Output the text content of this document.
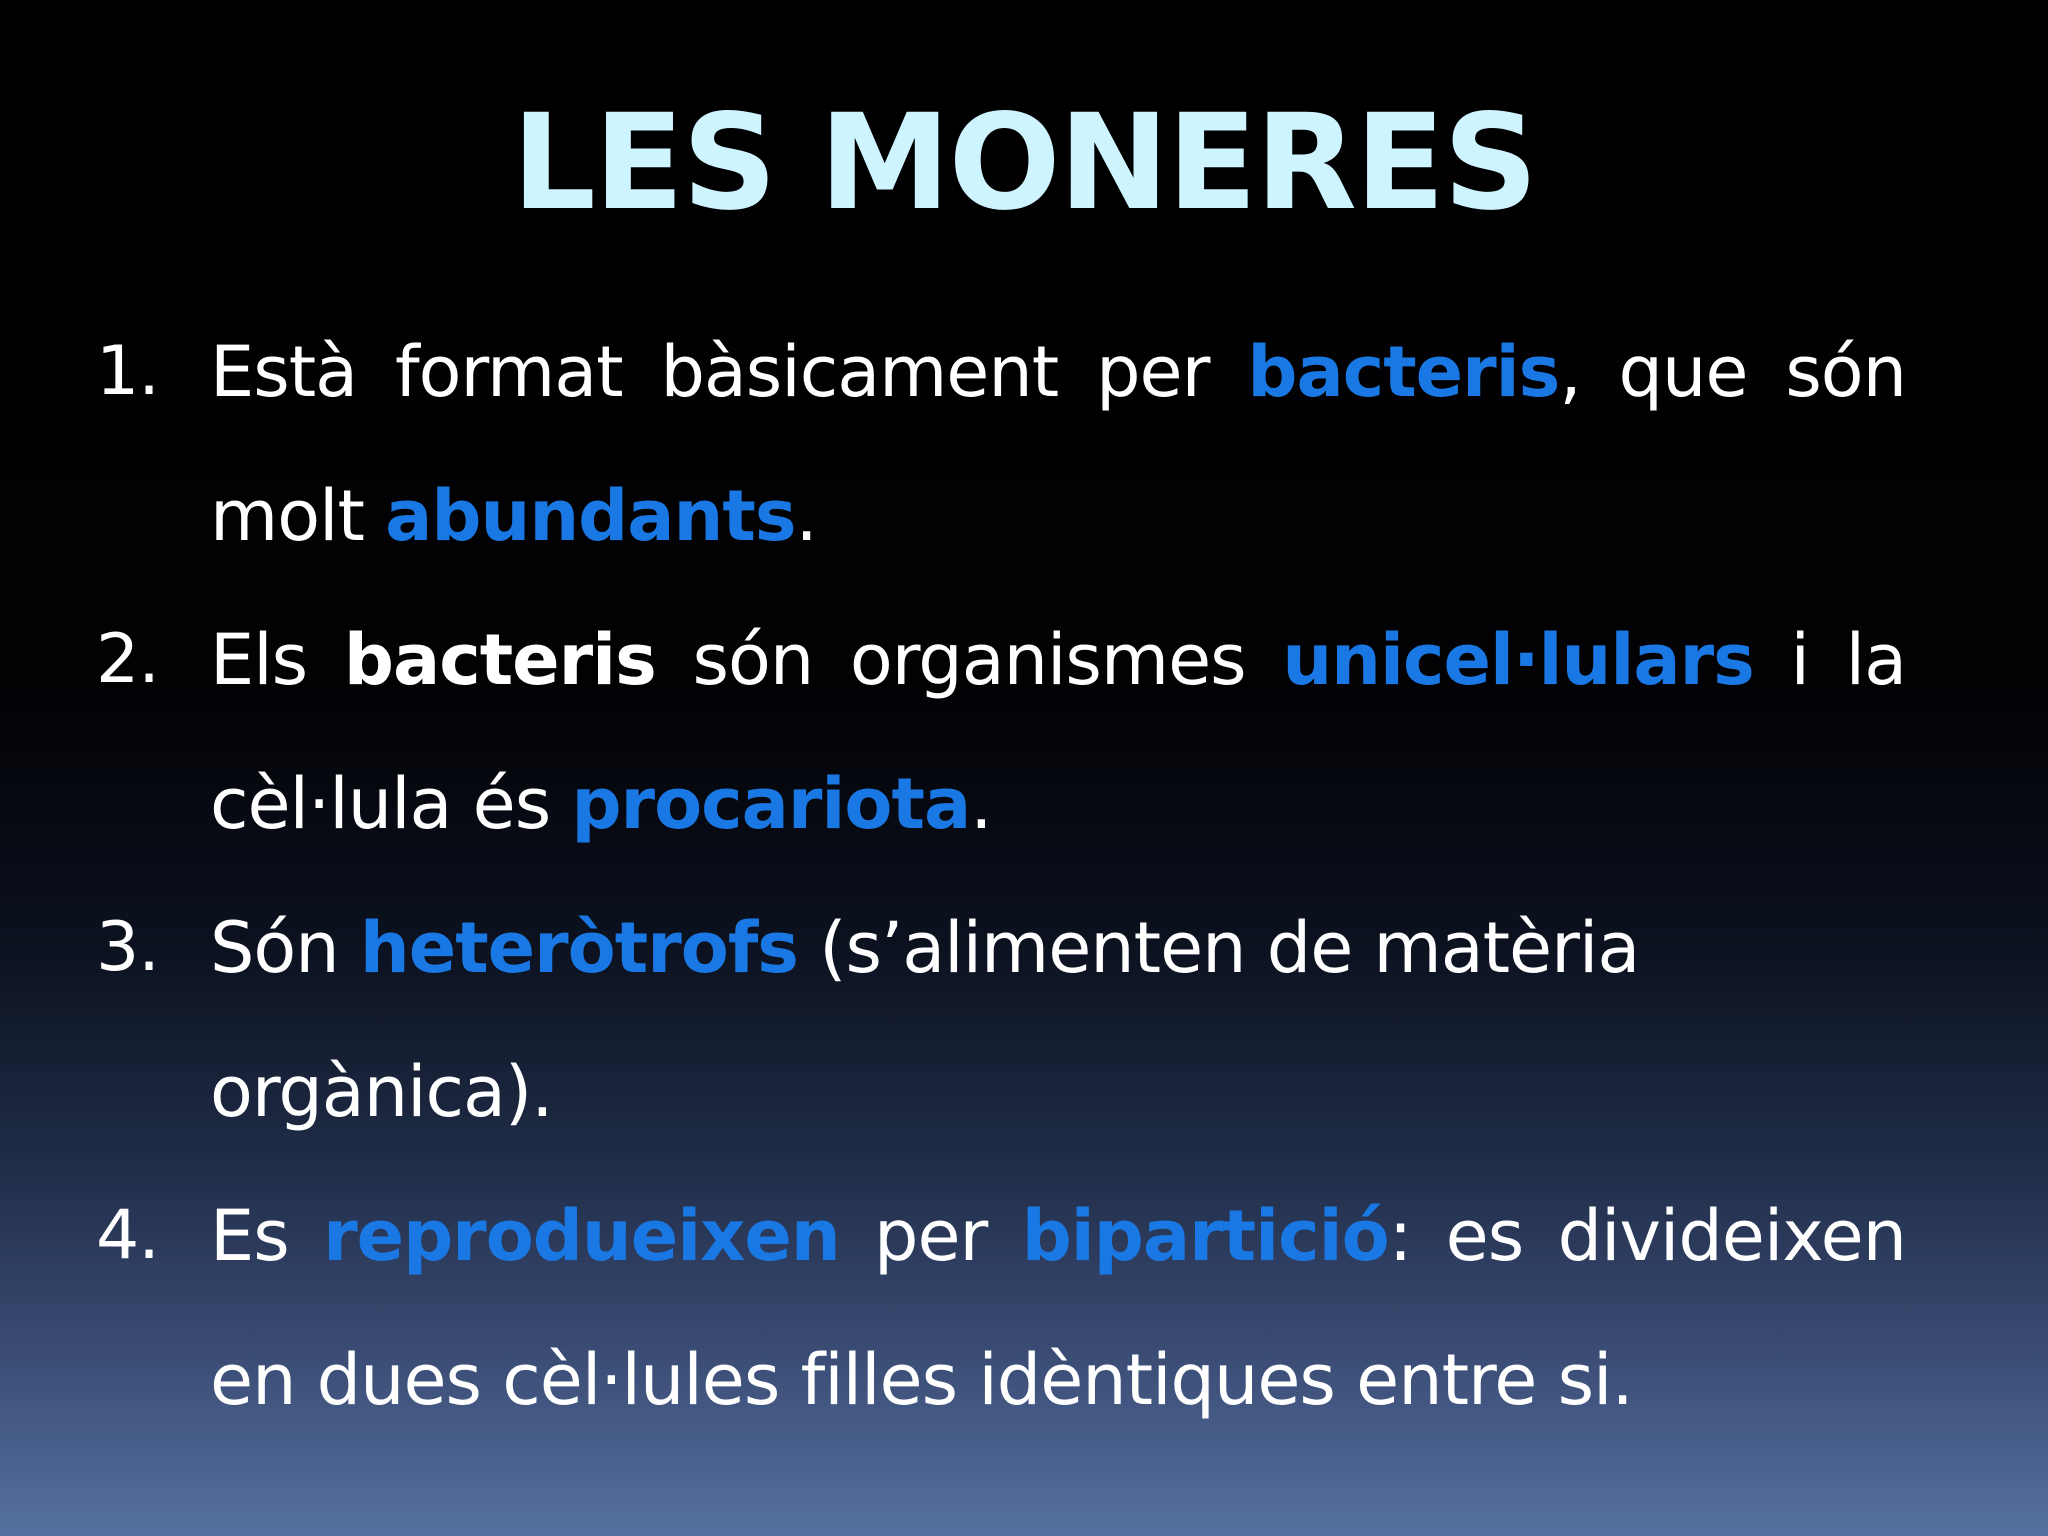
LES MONERES
1. Està format bàsicament per bacteris, que són molt abundants.
2. Els bacteris són organismes unicel·lulars i la cèl·lula és procariota.
3. Són heteròtrofs (s’alimenten de matèria orgànica).
4. Es reprodueixen per bipartició: es divideixen en dues cèl·lules filles idèntiques entre si.
